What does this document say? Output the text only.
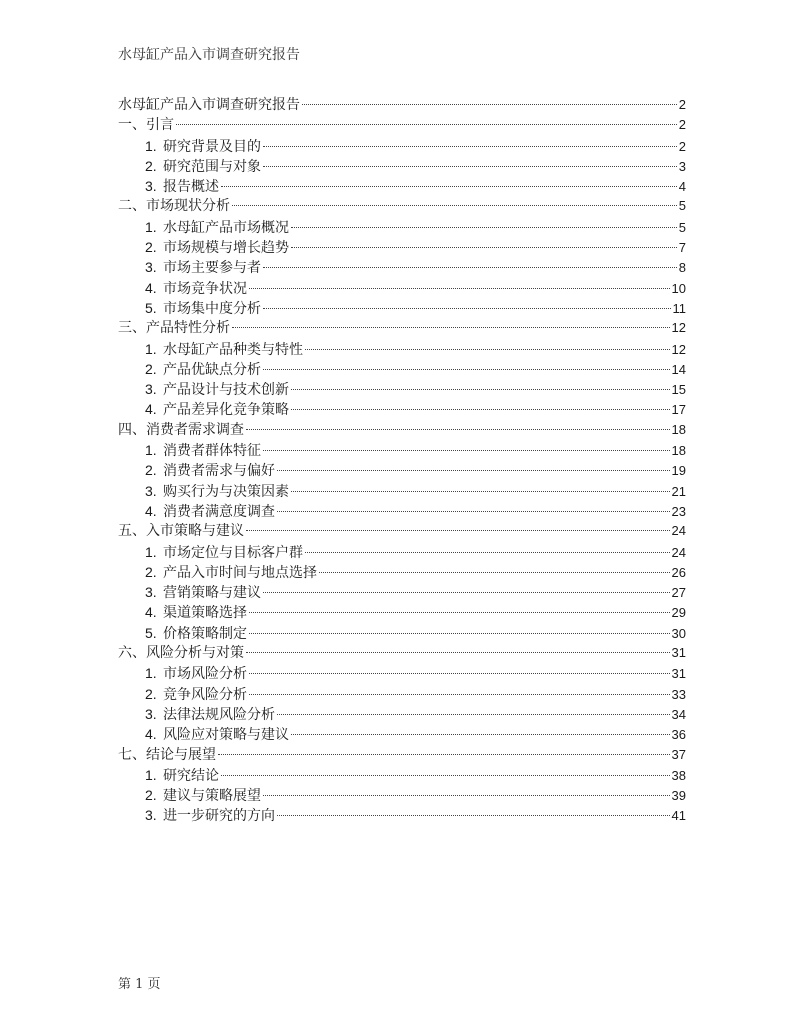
水母缸产品入市调查研究报告
水母缸产品入市调查研究报告	2
一、引言	2
1. 研究背景及目的	2
2. 研究范围与对象	3
3. 报告概述	4
二、市场现状分析	5
1. 水母缸产品市场概况	5
2. 市场规模与增长趋势	7
3. 市场主要参与者	8
4. 市场竞争状况	10
5. 市场集中度分析	11
三、产品特性分析	12
1. 水母缸产品种类与特性	12
2. 产品优缺点分析	14
3. 产品设计与技术创新	15
4. 产品差异化竞争策略	17
四、消费者需求调查	18
1. 消费者群体特征	18
2. 消费者需求与偏好	19
3. 购买行为与决策因素	21
4. 消费者满意度调查	23
五、入市策略与建议	24
1. 市场定位与目标客户群	24
2. 产品入市时间与地点选择	26
3. 营销策略与建议	27
4. 渠道策略选择	29
5. 价格策略制定	30
六、风险分析与对策	31
1. 市场风险分析	31
2. 竞争风险分析	33
3. 法律法规风险分析	34
4. 风险应对策略与建议	36
七、结论与展望	37
1. 研究结论	38
2. 建议与策略展望	39
3. 进一步研究的方向	41
第 1 页
